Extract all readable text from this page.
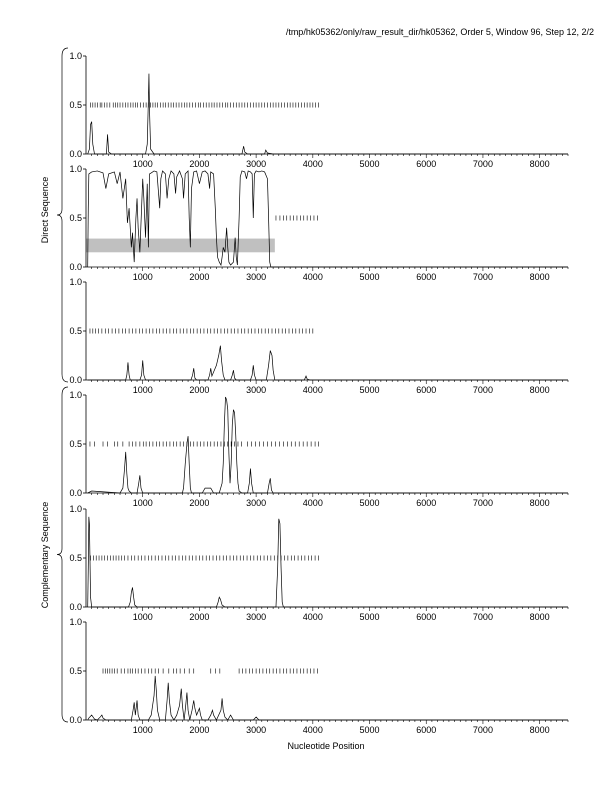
/tmp/hk05362/only/raw_result_dir/hk05362, Order 5, Window 96, Step 12, 2/2
0.0
0.5
1.0
1000	2000	3000	4000	5000	6000	7000	8000
0.0
0.5
1.0
1000	2000	3000	4000	5000	6000	7000	8000
0.0
0.5
1.0
1000	2000	3000	4000	5000	6000	7000	8000
0.0
0.5
1.0
1000	2000	3000	4000	5000	6000	7000	8000
0.0
0.5
1.0
1000	2000	3000	4000	5000	6000	7000	8000
0.0
0.5
1.0
1000	2000	3000	4000	5000	6000	7000	8000
Direct Sequence
Complementary Sequence
Nucleotide Position
